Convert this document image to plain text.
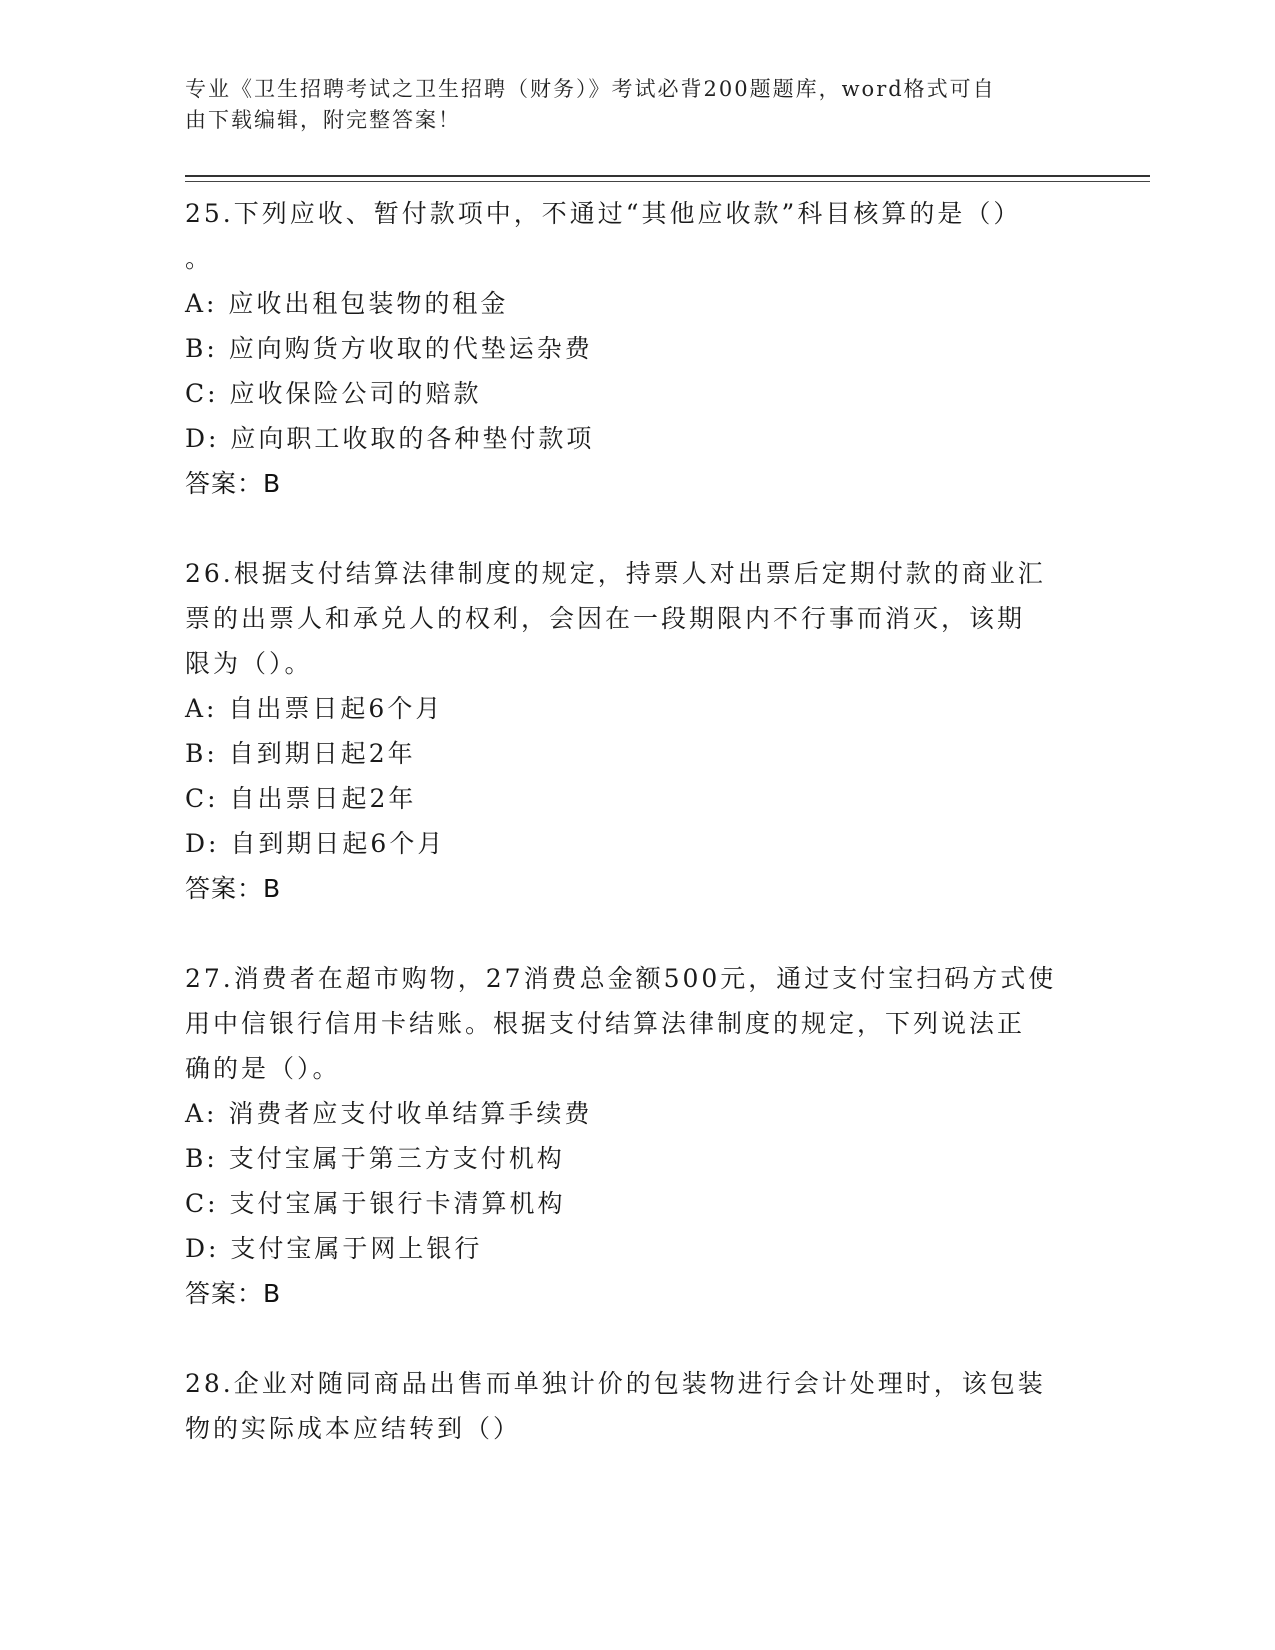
专业《卫生招聘考试之卫生招聘（财务）》考试必背200题题库，word格式可自
由下载编辑，附完整答案！

25.下列应收、暂付款项中，不通过“其他应收款”科目核算的是（）

。

A: 应收出租包装物的租金

B: 应向购货方收取的代垫运杂费

C: 应收保险公司的赔款

D: 应向职工收取的各种垫付款项

答案：B

26.根据支付结算法律制度的规定，持票人对出票后定期付款的商业汇

票的出票人和承兑人的权利，会因在一段期限内不行事而消灭，该期

限为（）。

A: 自出票日起6个月

B: 自到期日起2年

C: 自出票日起2年

D: 自到期日起6个月

答案：B

27.消费者在超市购物，27消费总金额500元，通过支付宝扫码方式使

用中信银行信用卡结账。根据支付结算法律制度的规定，下列说法正

确的是（）。

A: 消费者应支付收单结算手续费

B: 支付宝属于第三方支付机构

C: 支付宝属于银行卡清算机构

D: 支付宝属于网上银行

答案：B

28.企业对随同商品出售而单独计价的包装物进行会计处理时，该包装

物的实际成本应结转到（）
